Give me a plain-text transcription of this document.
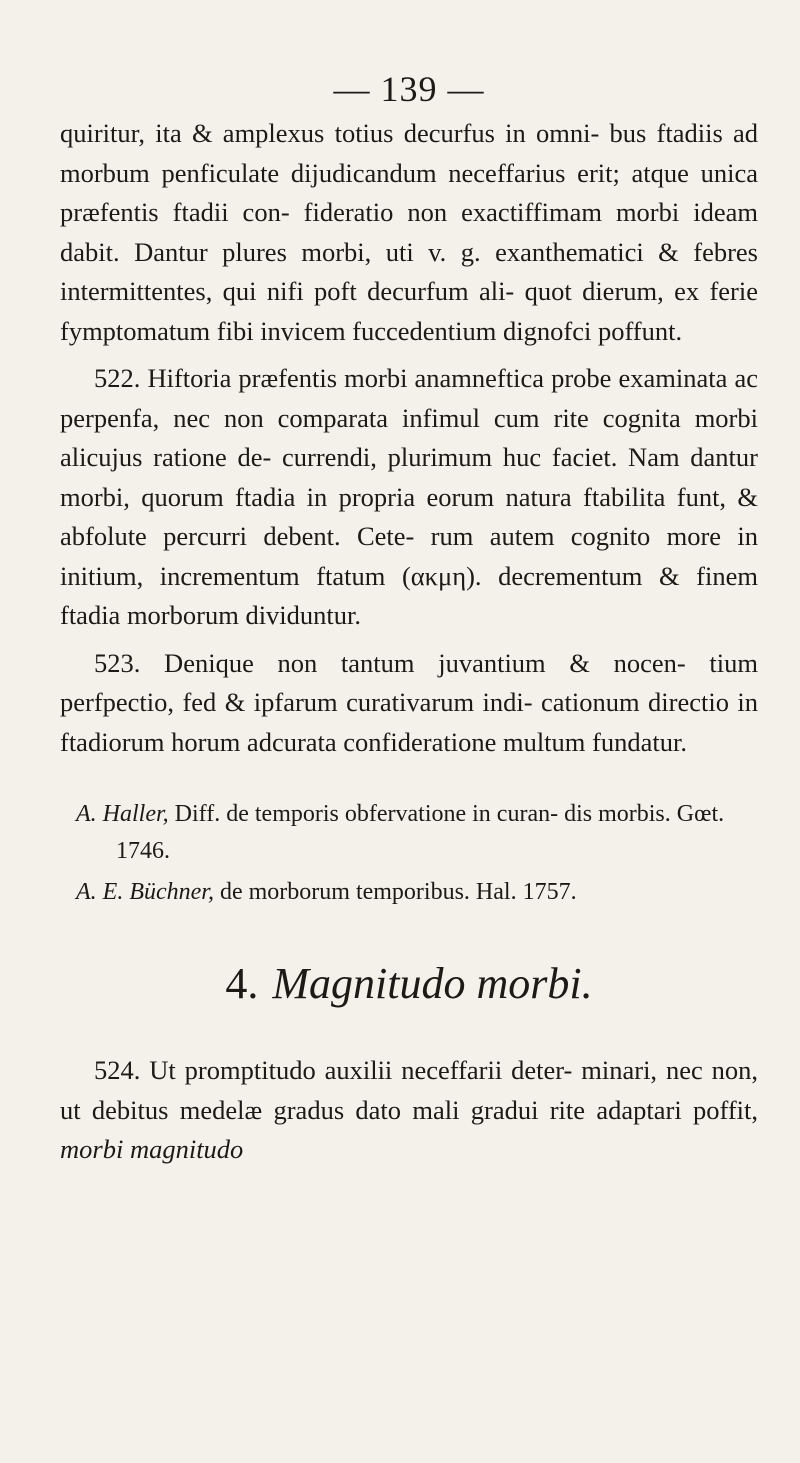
— 139 —

quiritur, ita & amplexus totius decurfus in omni- bus ftadiis ad morbum penficulate dijudicandum neceffarius erit; atque unica præfentis ftadii con- fideratio non exactiffimam morbi ideam dabit. Dantur plures morbi, uti v. g. exanthematici & febres intermittentes, qui nifi poft decurfum ali- quot dierum, ex ferie fymptomatum fibi invicem fuccedentium dignofci poffunt.

522. Hiftoria præfentis morbi anamneftica probe examinata ac perpenfa, nec non comparata infimul cum rite cognita morbi alicujus ratione de- currendi, plurimum huc faciet. Nam dantur morbi, quorum ftadia in propria eorum natura ftabilita funt, & abfolute percurri debent. Cete- rum autem cognito more in initium, incrementum ftatum (ακμη). decrementum & finem ftadia morborum dividuntur.

523. Denique non tantum juvantium & nocen- tium perfpectio, fed & ipfarum curativarum indi- cationum directio in ftadiorum horum adcurata confideratione multum fundatur.

A. Haller, Diff. de temporis obfervatione in curan- dis morbis. Gœt. 1746.
A. E. Büchner, de morborum temporibus. Hal. 1757.
4. Magnitudo morbi.

524. Ut promptitudo auxilii neceffarii deter- minari, nec non, ut debitus medelæ gradus dato mali gradui rite adaptari poffit, morbi magnitudo
